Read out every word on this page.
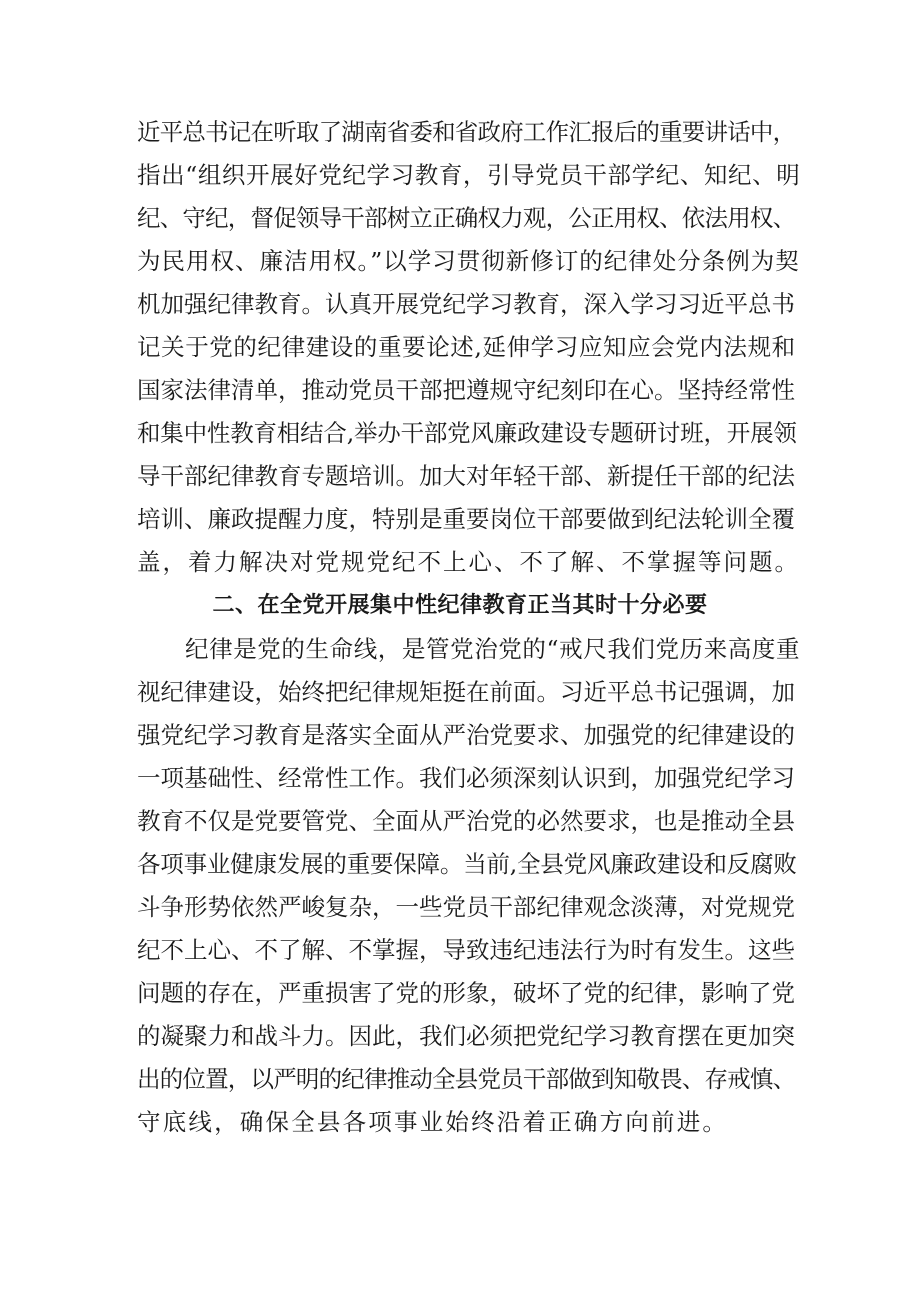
近平总书记在听取了湖南省委和省政府工作汇报后的重要讲话中，
指出“组织开展好党纪学习教育，引导党员干部学纪、知纪、明
纪、守纪，督促领导干部树立正确权力观，公正用权、依法用权、
为民用权、廉洁用权。”以学习贯彻新修订的纪律处分条例为契
机加强纪律教育。认真开展党纪学习教育，深入学习习近平总书
记关于党的纪律建设的重要论述,延伸学习应知应会党内法规和
国家法律清单，推动党员干部把遵规守纪刻印在心。坚持经常性
和集中性教育相结合,举办干部党风廉政建设专题研讨班，开展领
导干部纪律教育专题培训。加大对年轻干部、新提任干部的纪法
培训、廉政提醒力度，特别是重要岗位干部要做到纪法轮训全覆
盖，着力解决对党规党纪不上心、不了解、不掌握等问题。
二、在全党开展集中性纪律教育正当其时十分必要
纪律是党的生命线，是管党治党的“戒尺我们党历来高度重
视纪律建设，始终把纪律规矩挺在前面。习近平总书记强调，加
强党纪学习教育是落实全面从严治党要求、加强党的纪律建设的
一项基础性、经常性工作。我们必须深刻认识到，加强党纪学习
教育不仅是党要管党、全面从严治党的必然要求，也是推动全县
各项事业健康发展的重要保障。当前,全县党风廉政建设和反腐败
斗争形势依然严峻复杂，一些党员干部纪律观念淡薄，对党规党
纪不上心、不了解、不掌握，导致违纪违法行为时有发生。这些
问题的存在，严重损害了党的形象，破坏了党的纪律，影响了党
的凝聚力和战斗力。因此，我们必须把党纪学习教育摆在更加突
出的位置，以严明的纪律推动全县党员干部做到知敬畏、存戒慎、
守底线，确保全县各项事业始终沿着正确方向前进。
